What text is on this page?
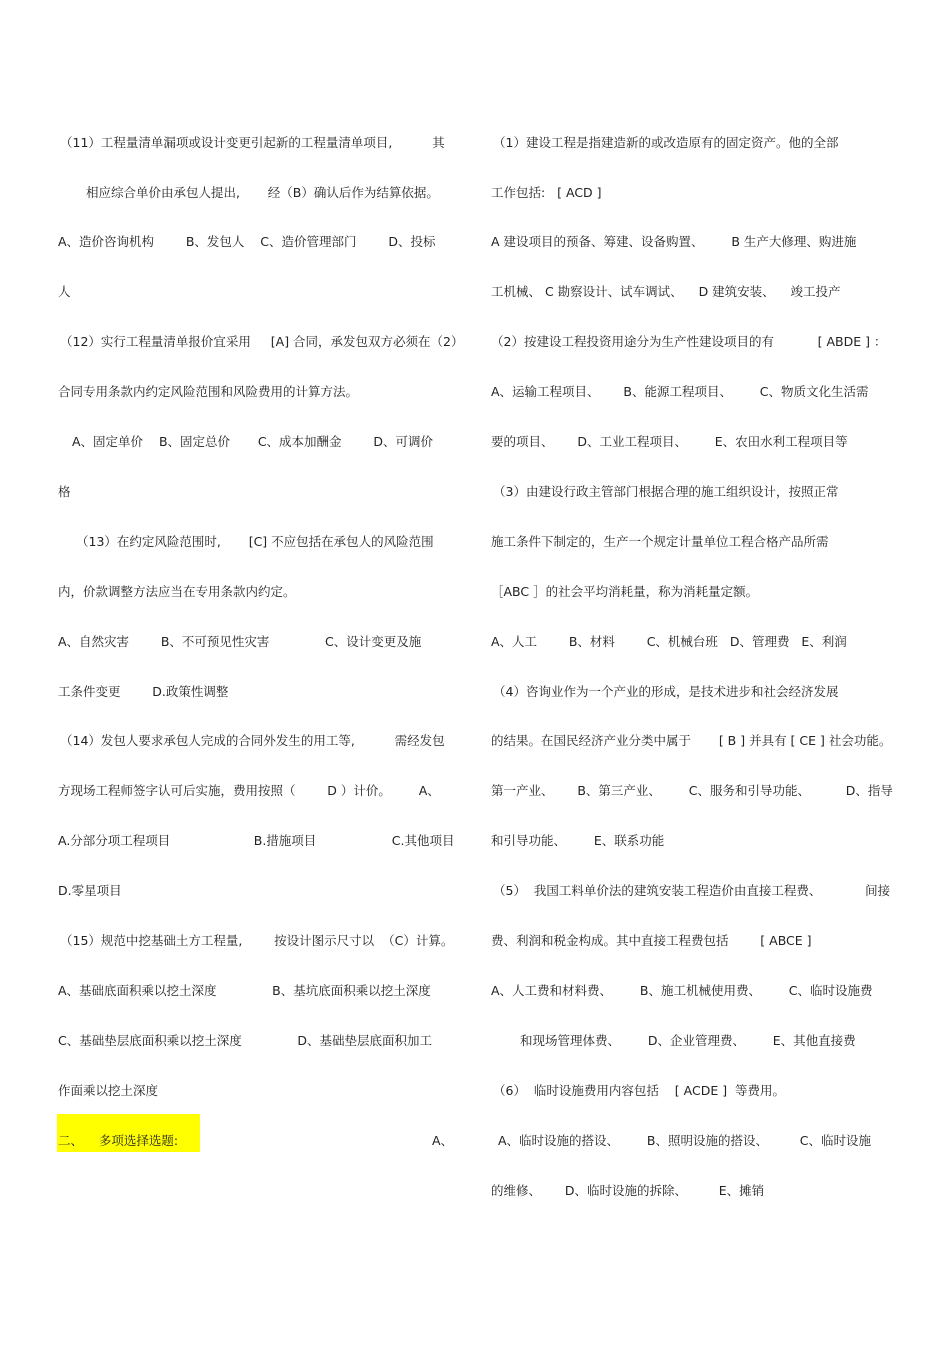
（11）工程量清单漏项或设计变更引起新的工程量清单项目,          其
相应综合单价由承包人提出,       经（B）确认后作为结算依据。
A、造价咨询机构        B、发包人    C、造价管理部门        D、投标
人
（12）实行工程量清单报价宜采用     [A] 合同，承发包双方必须在（2）
合同专用条款内约定风险范围和风险费用的计算方法。
A、固定单价    B、固定总价       C、成本加酬金        D、可调价
格
（13）在约定风险范围时,       [C] 不应包括在承包人的风险范围
内，价款调整方法应当在专用条款内约定。
A、自然灾害        B、不可预见性灾害              C、设计变更及施
工条件变更        D.政策性调整
（14）发包人要求承包人完成的合同外发生的用工等,          需经发包
方现场工程师签字认可后实施，费用按照（        D ）计价。       A、
A.分部分项工程项目                     B.措施项目                   C.其他项目
D.零星项目
（15）规范中挖基础土方工程量,        按设计图示尺寸以  （C）计算。
A、基础底面积乘以挖土深度              B、基坑底面积乘以挖土深度
C、基础垫层底面积乘以挖土深度              D、基础垫层底面积加工
作面乘以挖土深度
二、    多项选择选题:	A、
（1）建设工程是指建造新的或改造原有的固定资产。他的全部
工作包括:   [ ACD ]
A 建设项目的预备、筹建、设备购置、       B 生产大修理、购进施
工机械、 C 勘察设计、试车调试、    D 建筑安装、    竣工投产
（2）按建设工程投资用途分为生产性建设项目的有           [ ABDE ] ：
A、运输工程项目、      B、能源工程项目、       C、物质文化生活需
要的项目、      D、工业工程项目、       E、农田水利工程项目等
（3）由建设行政主管部门根据合理的施工组织设计，按照正常
施工条件下制定的，生产一个规定计量单位工程合格产品所需
［ABC ］的社会平均消耗量，称为消耗量定额。
A、人工        B、材料        C、机械台班   D、管理费   E、利润
（4）咨询业作为一个产业的形成，是技术进步和社会经济发展
的结果。在国民经济产业分类中属于       [ B ] 并具有 [ CE ] 社会功能。
第一产业、      B、第三产业、       C、服务和引导功能、         D、指导
和引导功能、       E、联系功能
（5）  我国工料单价法的建筑安装工程造价由直接工程费、           间接
费、利润和税金构成。其中直接工程费包括        [ ABCE ]
A、人工费和材料费、       B、施工机械使用费、       C、临时设施费
和现场管理体费、       D、企业管理费、       E、其他直接费
（6）  临时设施费用内容包括    [ ACDE ]  等费用。
A、临时设施的搭设、       B、照明设施的搭设、        C、临时设施
的维修、      D、临时设施的拆除、        E、摊销
